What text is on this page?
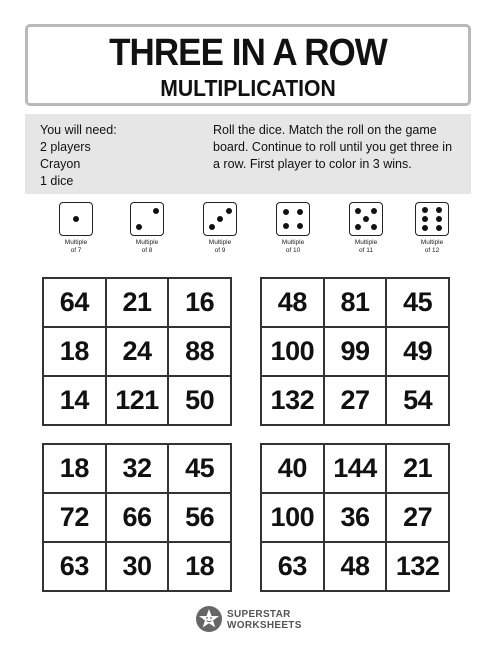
THREE IN A ROW
MULTIPLICATION
You will need:
2 players
Crayon
1 dice
Roll the dice. Match the roll on the game
board. Continue to roll until you get three in
a row. First player to color in 3 wins.
Multiple
of 7
Multiple
of 8
Multiple
of 9
Multiple
of 10
Multiple
of 11
Multiple
of 12
64	21	16
18	24	88
14 121 50
48	81	45
100 99	49
132 27	54
18	32	45
72	66	56
63	30	18
40 144 21
100 36	27
63	48 132
SUPERSTAR
WORKSHEETS
